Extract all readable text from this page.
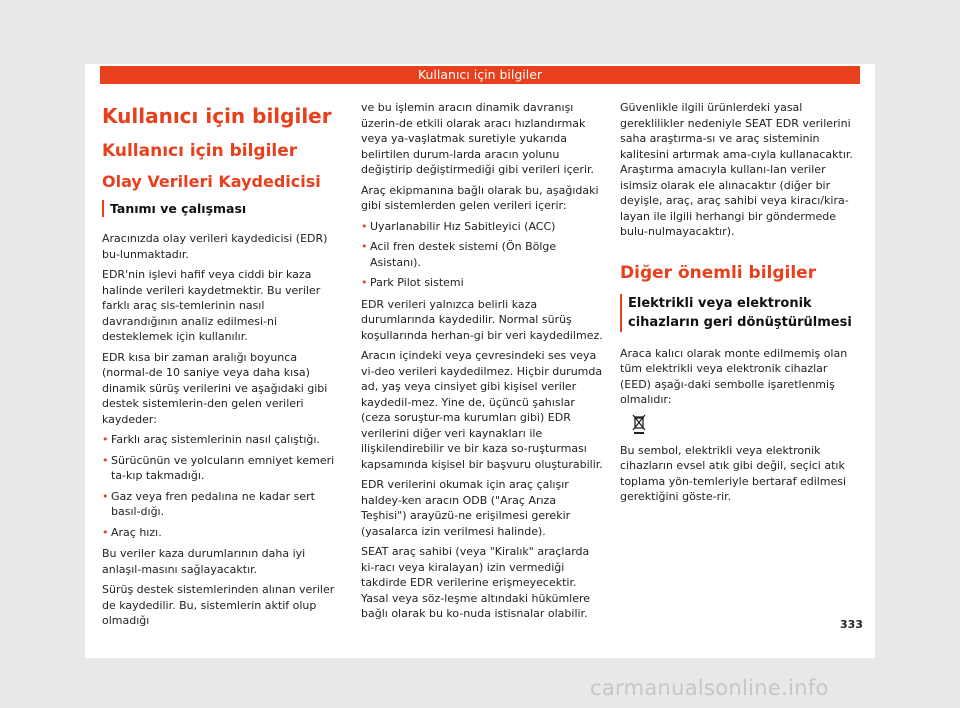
Kullanıcı için bilgiler
Kullanıcı için bilgiler
Kullanıcı için bilgiler
Olay Verileri Kaydedicisi
Tanımı ve çalışması

Aracınızda olay verileri kaydedicisi (EDR) bu-lunmaktadır.

EDR'nin işlevi hafif veya ciddi bir kaza halinde verileri kaydetmektir. Bu veriler farklı araç sis-temlerinin nasıl davrandığının analiz edilmesi-ni desteklemek için kullanılır.

EDR kısa bir zaman aralığı boyunca (normal-de 10 saniye veya daha kısa) dinamik sürüş verilerini ve aşağıdaki gibi destek sistemlerin-den gelen verileri kaydeder:

• Farklı araç sistemlerinin nasıl çalıştığı.
• Sürücünün ve yolcuların emniyet kemeri ta-kıp takmadığı.
• Gaz veya fren pedalına ne kadar sert basıl-dığı.
• Araç hızı.

Bu veriler kaza durumlarının daha iyi anlaşıl-masını sağlayacaktır.

Sürüş destek sistemlerinden alınan veriler de kaydedilir. Bu, sistemlerin aktif olup olmadığı

ve bu işlemin aracın dinamik davranışı üzerin-de etkili olarak aracı hızlandırmak veya ya-vaşlatmak suretiyle yukarıda belirtilen durum-larda aracın yolunu değiştirip değiştirmediği gibi verileri içerir.

Araç ekipmanına bağlı olarak bu, aşağıdaki gibi sistemlerden gelen verileri içerir:

• Uyarlanabilir Hız Sabitleyici (ACC)
• Acil fren destek sistemi (Ön Bölge Asistanı).
• Park Pilot sistemi

EDR verileri yalnızca belirli kaza durumlarında kaydedilir. Normal sürüş koşullarında herhan-gi bir veri kaydedilmez.

Aracın içindeki veya çevresindeki ses veya vi-deo verileri kaydedilmez. Hiçbir durumda ad, yaş veya cinsiyet gibi kişisel veriler kaydedil-mez. Yine de, üçüncü şahıslar (ceza soruştur-ma kurumları gibi) EDR verilerini diğer veri kaynakları ile ilişkilendirebilir ve bir kaza so-ruşturması kapsamında kişisel bir başvuru oluşturabilir.

EDR verilerini okumak için araç çalışır haldey-ken aracın ODB ("Araç Arıza Teşhisi") arayüzü-ne erişilmesi gerekir (yasalarca izin verilmesi halinde).

SEAT araç sahibi (veya "Kiralık" araçlarda ki-racı veya kiralayan) izin vermediği takdirde EDR verilerine erişmeyecektir. Yasal veya söz-leşme altındaki hükümlere bağlı olarak bu ko-nuda istisnalar olabilir.

Güvenlikle ilgili ürünlerdeki yasal gereklilikler nedeniyle SEAT EDR verilerini saha araştırma-sı ve araç sisteminin kalitesini artırmak ama-cıyla kullanacaktır. Araştırma amacıyla kullanı-lan veriler isimsiz olarak ele alınacaktır (diğer bir deyişle, araç, araç sahibi veya kiracı/kira-layan ile ilgili herhangi bir göndermede bulu-nulmayacaktır).

Diğer önemli bilgiler
Elektrikli veya elektronik cihazların geri dönüştürülmesi

Araca kalıcı olarak monte edilmemiş olan tüm elektrikli veya elektronik cihazlar (EED) aşağı-daki sembolle işaretlenmiş olmalıdır:

Bu sembol, elektrikli veya elektronik cihazların evsel atık gibi değil, seçici atık toplama yön-temleriyle bertaraf edilmesi gerektiğini göste-rir.

333
carmanualsonline.info
